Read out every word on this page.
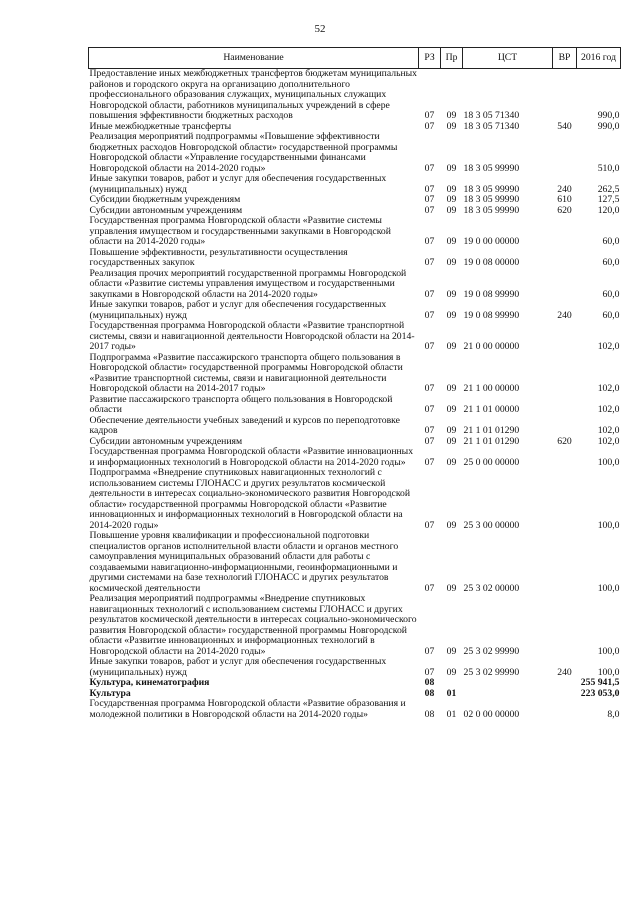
52
Наименование	РЗ	Пр	ЦСТ	ВР	2016 год
Предоставление иных межбюджетных трансфертов бюджетам муниципальных районов и городского округа на организацию дополнительного профессионального образования служащих, муниципальных служащих Новгородской области, работников муниципальных учреждений в сфере повышения эффективности бюджетных расходов	07	09	18 3 05 71340		990,0
Иные межбюджетные трансферты	07	09	18 3 05 71340	540	990,0
Реализация мероприятий подпрограммы «Повышение эффективности бюджетных расходов Новгородской области» государственной программы Новгородской области «Управление государственными финансами Новгородской области на 2014-2020 годы»	07	09	18 3 05 99990		510,0
Иные закупки товаров, работ и услуг для обеспечения государственных (муниципальных) нужд	07	09	18 3 05 99990	240	262,5
Субсидии бюджетным учреждениям	07	09	18 3 05 99990	610	127,5
Субсидии автономным учреждениям	07	09	18 3 05 99990	620	120,0
Государственная программа Новгородской области «Развитие системы управления имуществом и государственными закупками в Новгородской области на 2014-2020 годы»	07	09	19 0 00 00000		60,0
Повышение эффективности, результативности осуществления государственных закупок	07	09	19 0 08 00000		60,0
Реализация прочих мероприятий государственной программы Новгородской области «Развитие системы управления имуществом и государственными закупками в Новгородской области на 2014-2020 годы»	07	09	19 0 08 99990		60,0
Иные закупки товаров, работ и услуг для обеспечения государственных (муниципальных) нужд	07	09	19 0 08 99990	240	60,0
Государственная программа Новгородской области «Развитие транспортной системы, связи и навигационной деятельности Новгородской области на 2014-2017 годы»	07	09	21 0 00 00000		102,0
Подпрограмма «Развитие пассажирского транспорта общего пользования в Новгородской области» государственной программы Новгородской области «Развитие транспортной системы, связи и навигационной деятельности Новгородской области на 2014-2017 годы»	07	09	21 1 00 00000		102,0
Развитие пассажирского транспорта общего пользования в Новгородской области	07	09	21 1 01 00000		102,0
Обеспечение деятельности учебных заведений и курсов по переподготовке кадров	07	09	21 1 01 01290		102,0
Субсидии автономным учреждениям	07	09	21 1 01 01290	620	102,0
Государственная программа Новгородской области «Развитие инновационных и информационных технологий в Новгородской области на 2014-2020 годы»	07	09	25 0 00 00000		100,0
Подпрограмма «Внедрение спутниковых навигационных технологий с использованием системы ГЛОНАСС и других результатов космической деятельности в интересах социально-экономического развития Новгородской области» государственной программы Новгородской области «Развитие инновационных и информационных технологий в Новгородской области на 2014-2020 годы»	07	09	25 3 00 00000		100,0
Повышение уровня квалификации и профессиональной подготовки специалистов органов исполнительной власти области и органов местного самоуправления муниципальных образований области для работы с создаваемыми навигационно-информационными, геоинформационными и другими системами на базе технологий ГЛОНАСС и других результатов космической деятельности	07	09	25 3 02 00000		100,0
Реализация мероприятий подпрограммы «Внедрение спутниковых навигационных технологий с использованием системы ГЛОНАСС и других результатов космической деятельности в интересах социально-экономического развития Новгородской области» государственной программы Новгородской области «Развитие инновационных и информационных технологий в Новгородской области на 2014-2020 годы»	07	09	25 3 02 99990		100,0
Иные закупки товаров, работ и услуг для обеспечения государственных (муниципальных) нужд	07	09	25 3 02 99990	240	100,0
Культура, кинематография	08				255 941,5
Культура	08	01			223 053,0
Государственная программа Новгородской области «Развитие образования и молодежной политики в Новгородской области на 2014-2020 годы»	08	01	02 0 00 00000		8,0
